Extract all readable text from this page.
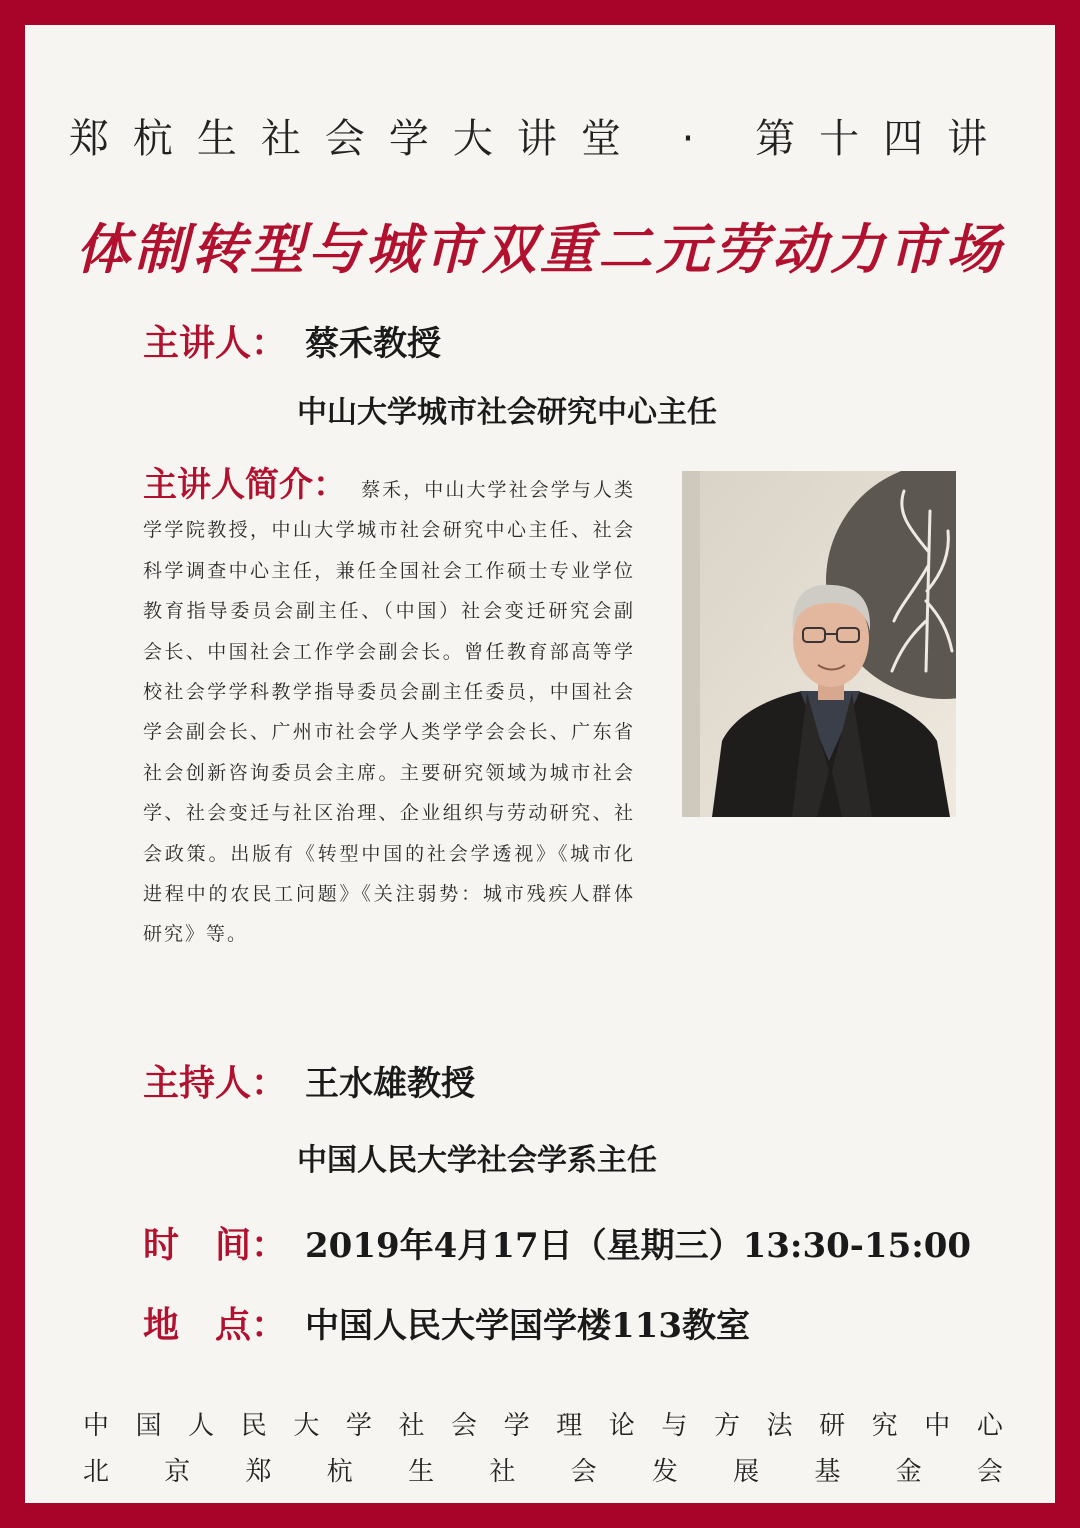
郑杭生社会学大讲堂 · 第十四讲
体制转型与城市双重二元劳动力市场
主讲人： 蔡禾教授
中山大学城市社会研究中心主任
主讲人简介： 蔡禾，中山大学社会学与人类学学院教授，中山大学城市社会研究中心主任、社会科学调查中心主任，兼任全国社会工作硕士专业学位教育指导委员会副主任、（中国）社会变迁研究会副会长、中国社会工作学会副会长。曾任教育部高等学校社会学学科教学指导委员会副主任委员，中国社会学会副会长、广州市社会学人类学学会会长、广东省社会创新咨询委员会主席。主要研究领域为城市社会学、社会变迁与社区治理、企业组织与劳动研究、社会政策。出版有《转型中国的社会学透视》《城市化进程中的农民工问题》《关注弱势：城市残疾人群体研究》等。
主持人： 王水雄教授
中国人民大学社会学系主任
时　间： 2019年4月17日（星期三）13:30-15:00
地　点： 中国人民大学国学楼113教室
中 国 人 民 大 学 社 会 学 理 论 与 方 法 研 究 中 心
北 京 郑 杭 生 社 会 发 展 基 金 会
